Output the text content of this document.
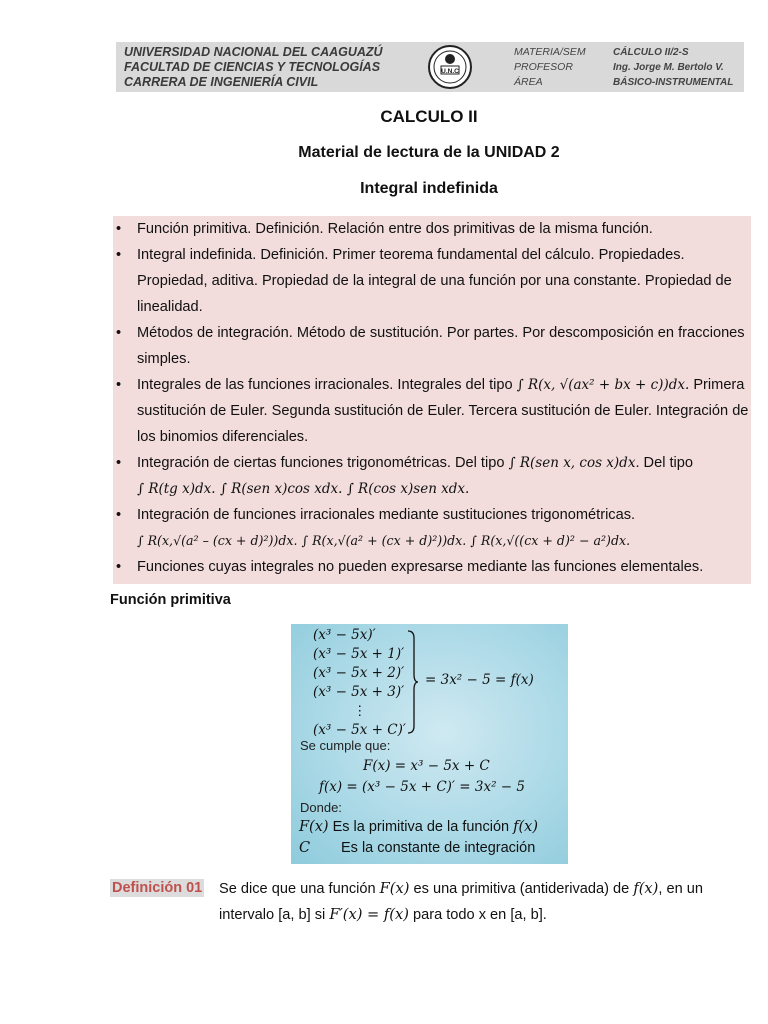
UNIVERSIDAD NACIONAL DEL CAAGUAZÚ
FACULTAD DE CIENCIAS Y TECNOLOGÍAS
CARRERA DE INGENIERÍA CIVIL
U.N.C
MATERIA/SEM
PROFESOR
ÁREA
CÁLCULO II/2-S
Ing. Jorge M. Bertolo V.
BÁSICO-INSTRUMENTAL
CALCULO II
Material de lectura de la UNIDAD 2
Integral indefinida
• Función primitiva. Definición. Relación entre dos primitivas de la misma función.
• Integral indefinida. Definición. Primer teorema fundamental del cálculo. Propiedades. Propiedad, aditiva. Propiedad de la integral de una función por una constante. Propiedad de linealidad.
• Métodos de integración. Método de sustitución. Por partes. Por descomposición en fracciones simples.
• Integrales de las funciones irracionales. Integrales del tipo ∫ R(x, √(ax² + bx + c))dx. Primera sustitución de Euler. Segunda sustitución de Euler. Tercera sustitución de Euler. Integración de los binomios diferenciales.
• Integración de ciertas funciones trigonométricas. Del tipo ∫ R(sen x, cos x)dx. Del tipo
∫ R(tg x)dx. ∫ R(sen x)cos xdx. ∫ R(cos x)sen xdx.
• Integración de funciones irracionales mediante sustituciones trigonométricas.
∫ R(x,√(a² – (cx + d)²))dx. ∫ R(x,√(a² + (cx + d)²))dx. ∫ R(x,√((cx + d)² − a²)dx.
• Funciones cuyas integrales no pueden expresarse mediante las funciones elementales.
Función primitiva
(x³ − 5x)′
(x³ − 5x + 1)′
(x³ − 5x + 2)′
(x³ − 5x + 3)′
⋮
(x³ − 5x + C)′
= 3x² − 5 = f(x)
Se cumple que:
F(x) = x³ − 5x + C
f(x) = (x³ − 5x + C)′ = 3x² − 5
Donde:
F(x) Es la primitiva de la función f(x)
C Es la constante de integración
Definición 01 Se dice que una función F(x) es una primitiva (antiderivada) de f(x), en un intervalo [a, b] si F′(x) = f(x) para todo x en [a, b].
